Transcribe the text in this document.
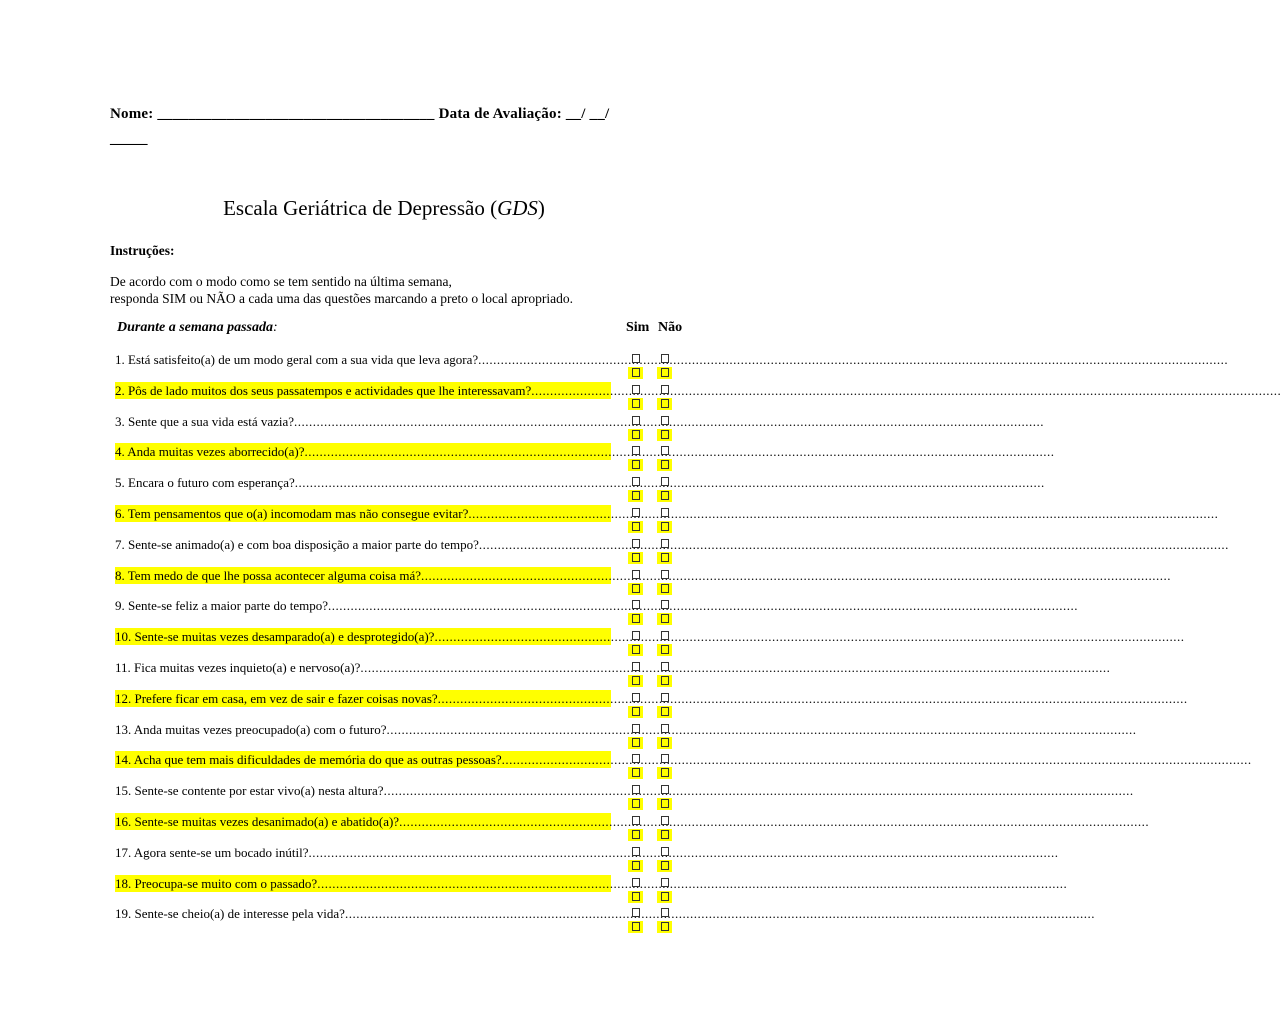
Nome: ____________________________________ Data de Avaliação: __/ __/
_____
Escala Geriátrica de Depressão (GDS)
Instruções:
De acordo com o modo como se tem sentido na última semana,
responda SIM ou NÃO a cada uma das questões marcando a preto o local apropriado.
Durante a semana passada:	Sim Não
1. Está satisfeito(a) de um modo geral com a sua vida que leva agora? ........................................................................................................................................................................................................
2. Pôs de lado muitos dos seus passatempos e actividades que lhe interessavam? ........................................................................................................................................................................................................
3. Sente que a sua vida está vazia? ........................................................................................................................................................................................................
4. Anda muitas vezes aborrecido(a)? ........................................................................................................................................................................................................
5. Encara o futuro com esperança? ........................................................................................................................................................................................................
6. Tem pensamentos que o(a) incomodam mas não consegue evitar? ........................................................................................................................................................................................................
7. Sente-se animado(a) e com boa disposição a maior parte do tempo? ........................................................................................................................................................................................................
8. Tem medo de que lhe possa acontecer alguma coisa má? ........................................................................................................................................................................................................
9. Sente-se feliz a maior parte do tempo? ........................................................................................................................................................................................................
10. Sente-se muitas vezes desamparado(a) e desprotegido(a)? ........................................................................................................................................................................................................
11. Fica muitas vezes inquieto(a) e nervoso(a)? ........................................................................................................................................................................................................
12. Prefere ficar em casa, em vez de sair e fazer coisas novas? ........................................................................................................................................................................................................
13. Anda muitas vezes preocupado(a) com o futuro? ........................................................................................................................................................................................................
14. Acha que tem mais dificuldades de memória do que as outras pessoas? ........................................................................................................................................................................................................
15. Sente-se contente por estar vivo(a) nesta altura? ........................................................................................................................................................................................................
16. Sente-se muitas vezes desanimado(a) e abatido(a)? ........................................................................................................................................................................................................
17. Agora sente-se um bocado inútil? ........................................................................................................................................................................................................
18. Preocupa-se muito com o passado? ........................................................................................................................................................................................................
19. Sente-se cheio(a) de interesse pela vida? ........................................................................................................................................................................................................
